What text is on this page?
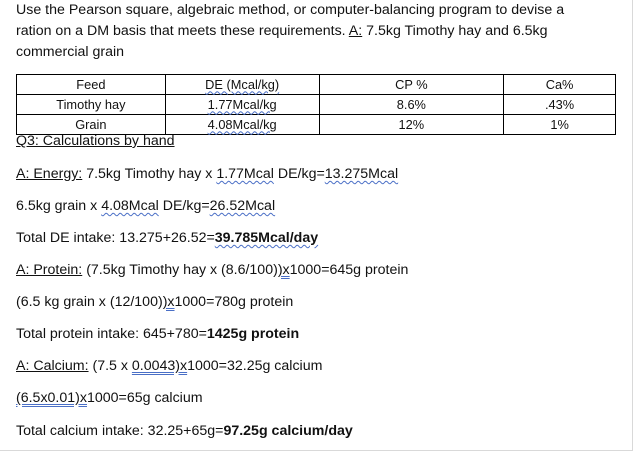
Use the Pearson square, algebraic method, or computer-balancing program to devise a
ration on a DM basis that meets these requirements. A: 7.5kg Timothy hay and 6.5kg
commercial grain
Feed	DE (Mcal/kg)	CP %	Ca%
Timothy hay	1.77Mcal/kg	8.6%	.43%
Grain	4.08Mcal/kg	12%	1%
Q3: Calculations by hand
A: Energy: 7.5kg Timothy hay x 1.77Mcal DE/kg=13.275Mcal
6.5kg grain x 4.08Mcal DE/kg=26.52Mcal
Total DE intake: 13.275+26.52=39.785Mcal/day
A: Protein: (7.5kg Timothy hay x (8.6/100))x1000=645g protein
(6.5 kg grain x (12/100))x1000=780g protein
Total protein intake: 645+780=1425g protein
A: Calcium: (7.5 x 0.0043)x1000=32.25g calcium
(6.5x0.01)x1000=65g calcium
Total calcium intake: 32.25+65g=97.25g calcium/day
